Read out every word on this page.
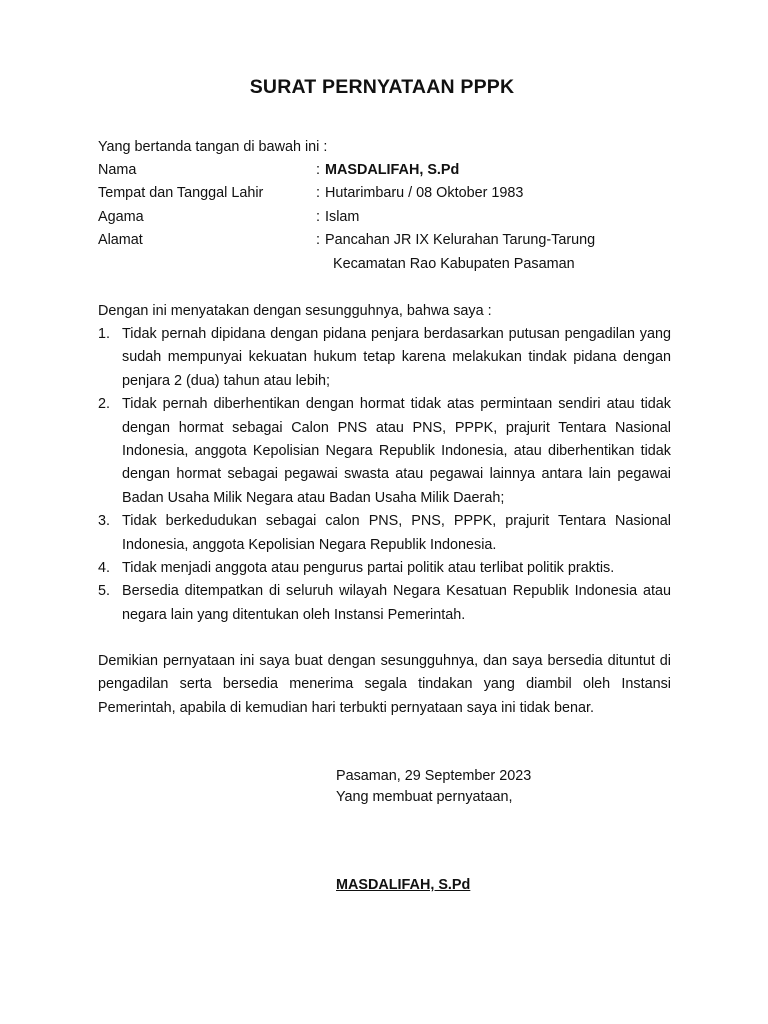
SURAT PERNYATAAN PPPK
Yang bertanda tangan di bawah ini :
Nama	: MASDALIFAH, S.Pd
Tempat dan Tanggal Lahir	: Hutarimbaru / 08 Oktober 1983
Agama	: Islam
Alamat	: Pancahan JR IX Kelurahan Tarung-Tarung
Kecamatan Rao Kabupaten Pasaman
Dengan ini menyatakan dengan sesungguhnya, bahwa saya :
1. Tidak pernah dipidana dengan pidana penjara berdasarkan putusan pengadilan yang sudah mempunyai kekuatan hukum tetap karena melakukan tindak pidana dengan penjara 2 (dua) tahun atau lebih;
2. Tidak pernah diberhentikan dengan hormat tidak atas permintaan sendiri atau tidak dengan hormat sebagai Calon PNS atau PNS, PPPK, prajurit Tentara Nasional Indonesia, anggota Kepolisian Negara Republik Indonesia, atau diberhentikan tidak dengan hormat sebagai pegawai swasta atau pegawai lainnya antara lain pegawai Badan Usaha Milik Negara atau Badan Usaha Milik Daerah;
3. Tidak berkedudukan sebagai calon PNS, PNS, PPPK, prajurit Tentara Nasional Indonesia, anggota Kepolisian Negara Republik Indonesia.
4. Tidak menjadi anggota atau pengurus partai politik atau terlibat politik praktis.
5. Bersedia ditempatkan di seluruh wilayah Negara Kesatuan Republik Indonesia atau negara lain yang ditentukan oleh Instansi Pemerintah.
Demikian pernyataan ini saya buat dengan sesungguhnya, dan saya bersedia dituntut di pengadilan serta bersedia menerima segala tindakan yang diambil oleh Instansi Pemerintah, apabila di kemudian hari terbukti pernyataan saya ini tidak benar.
Pasaman, 29 September 2023
Yang membuat pernyataan,
MASDALIFAH, S.Pd
